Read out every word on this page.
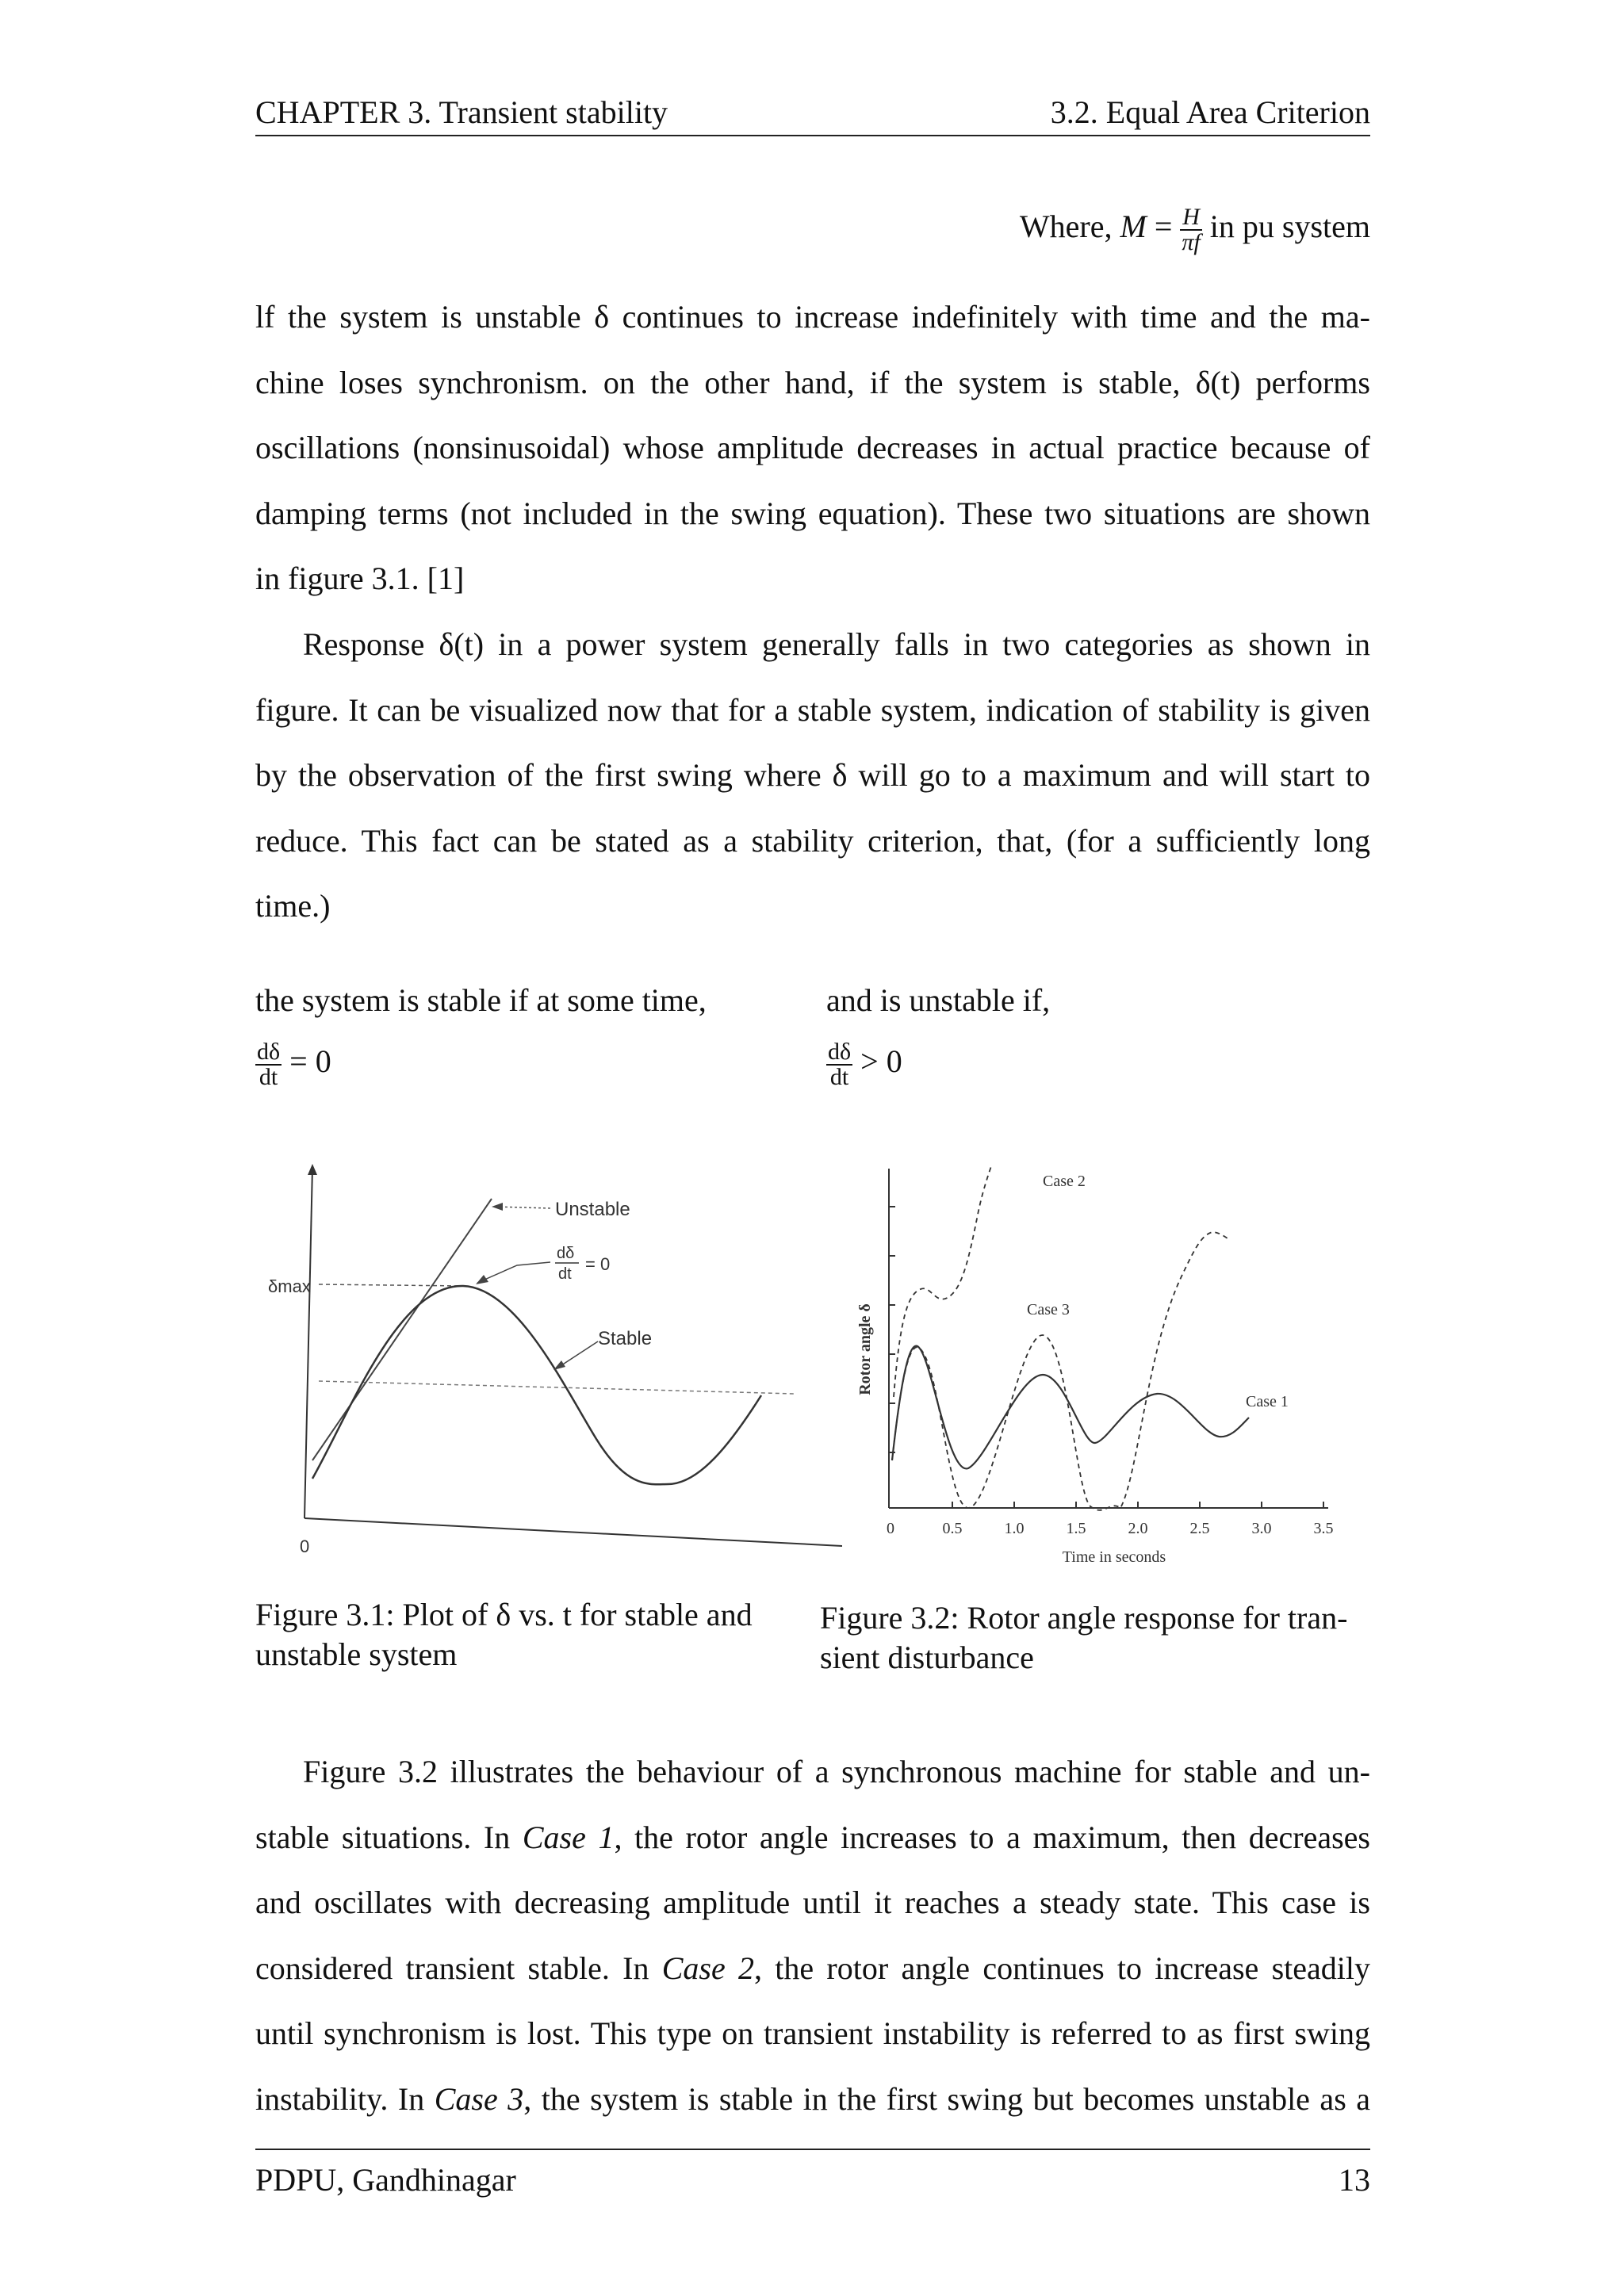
CHAPTER 3. Transient stability	3.2. Equal Area Criterion
Where, $M = \frac{H}{\pi f}$ in pu system
lf the system is unstable δ continues to increase indefinitely with time and the ma-
chine loses synchronism. on the other hand, if the system is stable, δ(t) performs
oscillations (nonsinusoidal) whose amplitude decreases in actual practice because of
damping terms (not included in the swing equation). These two situations are shown
in figure 3.1. [1]
Response δ(t) in a power system generally falls in two categories as shown in
figure. It can be visualized now that for a stable system, indication of stability is given
by the observation of the first swing where δ will go to a maximum and will start to
reduce. This fact can be stated as a stability criterion, that, (for a sufficiently long
time.)
the system is stable if at some time,	and is unstable if,
$\frac{d\delta}{dt} = 0$	$\frac{d\delta}{dt} > 0$
Unstable
dδ
dt = 0
Stable
δmax
0
0	0.5	1.0	1.5	2.0	2.5	3.0	3.5
Time in seconds
Rotor angle δ
Case 2
Case 3
Case 1
Figure 3.1: Plot of δ vs. t for stable and
unstable system
Figure 3.2: Rotor angle response for tran-
sient disturbance
Figure 3.2 illustrates the behaviour of a synchronous machine for stable and un-
stable situations. In Case 1, the rotor angle increases to a maximum, then decreases
and oscillates with decreasing amplitude until it reaches a steady state. This case is
considered transient stable. In Case 2, the rotor angle continues to increase steadily
until synchronism is lost. This type on transient instability is referred to as first swing
instability. In Case 3, the system is stable in the first swing but becomes unstable as a
PDPU, Gandhinagar	13
